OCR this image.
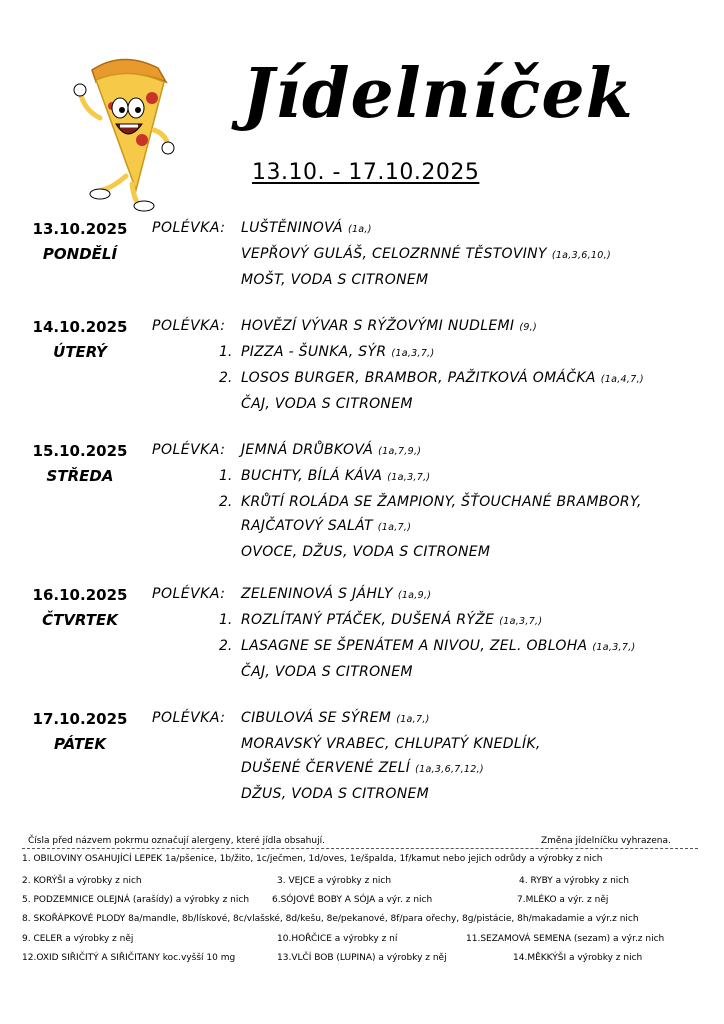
Jídelníček
13.10. - 17.10.2025
13.10.2025
PONDĚLÍ
POLÉVKA: LUŠTĚNINOVÁ (1a,)
VEPŘOVÝ GULÁŠ, CELOZRNNÉ TĚSTOVINY (1a,3,6,10,)
MOŠT, VODA S CITRONEM
14.10.2025
ÚTERÝ
POLÉVKA: HOVĚZÍ VÝVAR S RÝŽOVÝMI NUDLEMI (9,)
1. PIZZA - ŠUNKA, SÝR (1a,3,7,)
2. LOSOS BURGER, BRAMBOR, PAŽITKOVÁ OMÁČKA (1a,4,7,)
ČAJ, VODA S CITRONEM
15.10.2025
STŘEDA
POLÉVKA: JEMNÁ DRŮBKOVÁ (1a,7,9,)
1. BUCHTY, BÍLÁ KÁVA (1a,3,7,)
2. KRŮTÍ ROLÁDA SE ŽAMPIONY, ŠŤOUCHANÉ BRAMBORY,
RAJČATOVÝ SALÁT (1a,7,)
OVOCE, DŽUS, VODA S CITRONEM
16.10.2025
ČTVRTEK
POLÉVKA: ZELENINOVÁ S JÁHLY (1a,9,)
1. ROZLÍTANÝ PTÁČEK, DUŠENÁ RÝŽE (1a,3,7,)
2. LASAGNE SE ŠPENÁTEM A NIVOU, ZEL. OBLOHA (1a,3,7,)
ČAJ, VODA S CITRONEM
17.10.2025
PÁTEK
POLÉVKA: CIBULOVÁ SE SÝREM (1a,7,)
MORAVSKÝ VRABEC, CHLUPATÝ KNEDLÍK,
DUŠENÉ ČERVENÉ ZELÍ (1a,3,6,7,12,)
DŽUS, VODA S CITRONEM
Čísla před názvem pokrmu označují alergeny, které jídla obsahují.	Změna jídelníčku vyhrazena.
1. OBILOVINY OSAHUJÍCÍ LEPEK 1a/pšenice, 1b/žito, 1c/ječmen, 1d/oves, 1e/špalda, 1f/kamut nebo jejich odrůdy a výrobky z nich
2. KORÝŠI a výrobky z nich	3. VEJCE a výrobky z nich	4. RYBY a výrobky z nich
5. PODZEMNICE OLEJNÁ (arašídy) a výrobky z nich	6.SÓJOVÉ BOBY A SÓJA a výr. z nich	7.MLÉKO a výr. z něj
8. SKOŘÁPKOVÉ PLODY 8a/mandle, 8b/lískové, 8c/vlašské, 8d/kešu, 8e/pekanové, 8f/para ořechy, 8g/pistácie, 8h/makadamie a výr.z nich
9. CELER a výrobky z něj	10.HOŘČICE a výrobky z ní	11.SEZAMOVÁ SEMENA (sezam) a výr.z nich
12.OXID SIŘIČITÝ A SIŘIČITANY koc.vyšší 10 mg	13.VLČÍ BOB (LUPINA) a výrobky z něj	14.MĚKKÝŠI a výrobky z nich
